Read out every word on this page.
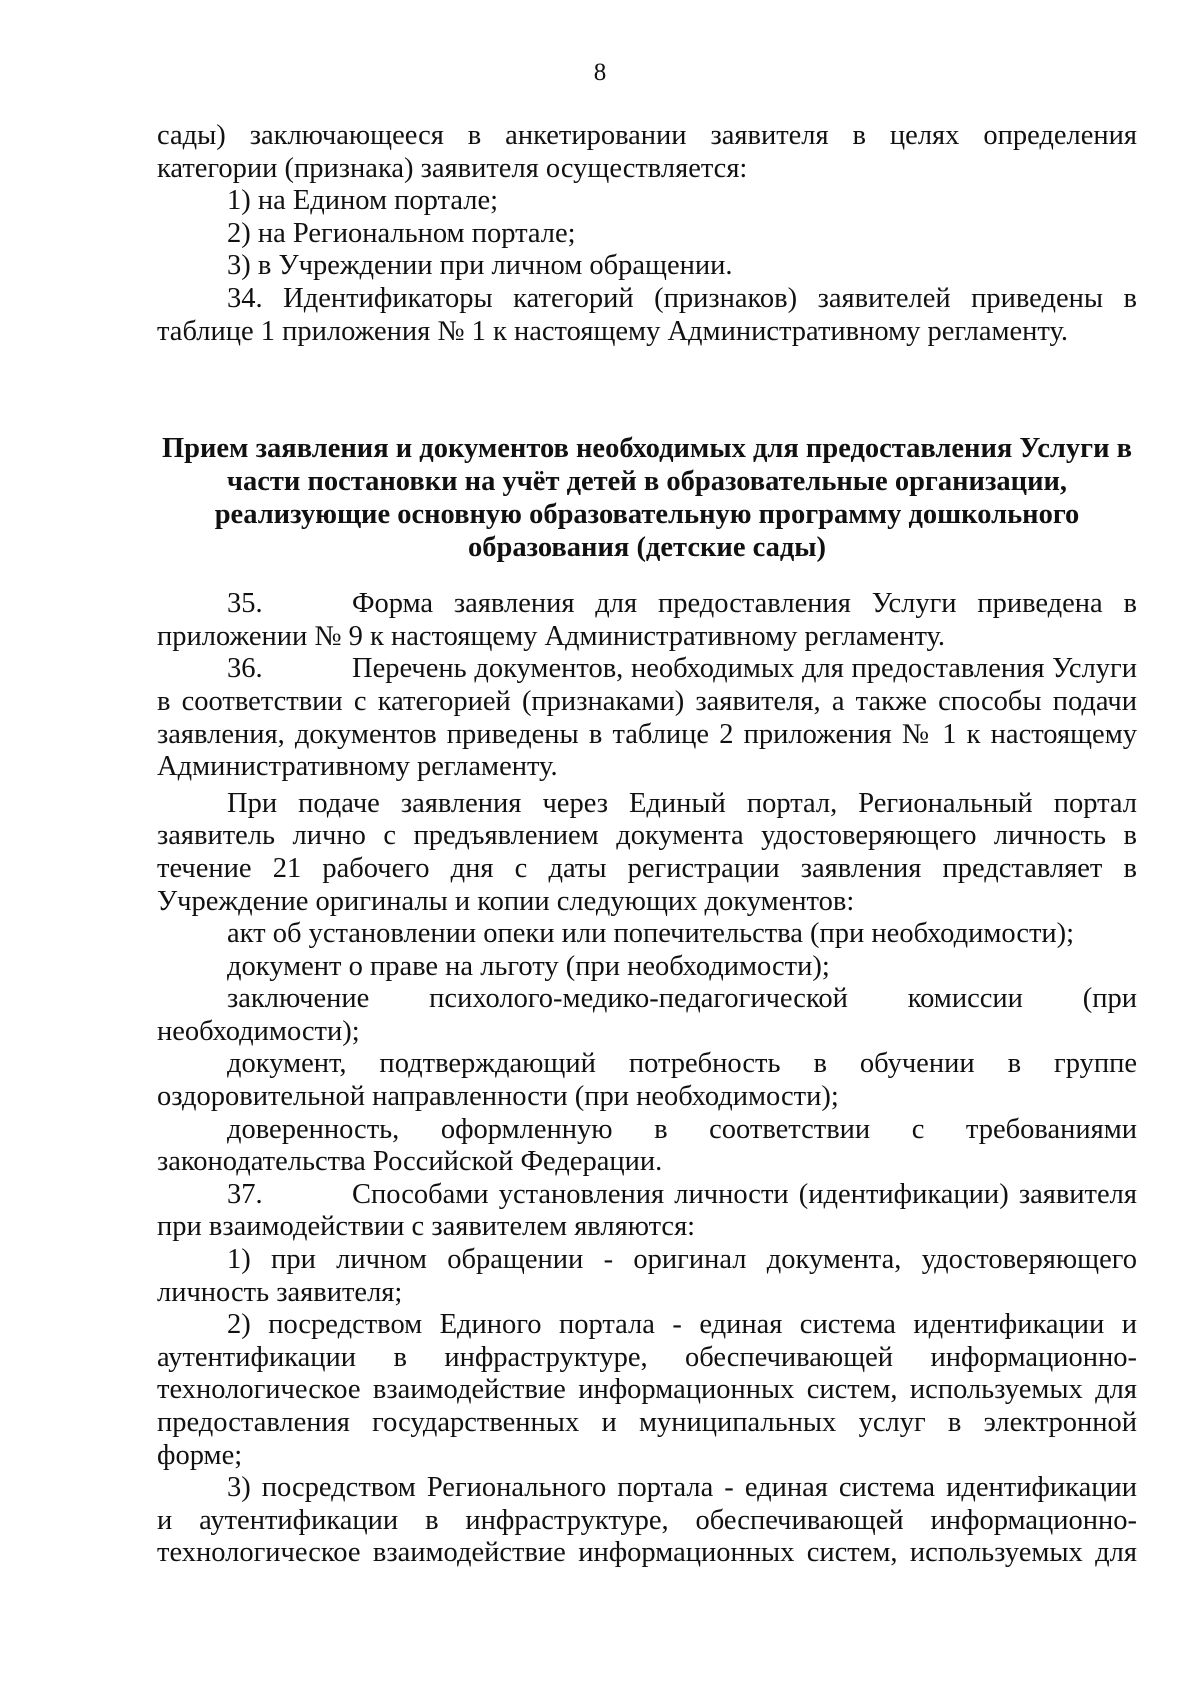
8

сады) заключающееся в анкетировании заявителя в целях определения

категории (признака) заявителя осуществляется:

1) на Едином портале;

2) на Региональном портале;

3) в Учреждении при личном обращении.

34. Идентификаторы категорий (признаков) заявителей приведены в

таблице 1 приложения № 1 к настоящему Административному регламенту.

Прием заявления и документов необходимых для предоставления Услуги в
части постановки на учёт детей в образовательные организации,
реализующие основную образовательную программу дошкольного
образования (детские сады)

35.	Форма заявления для предоставления Услуги приведена в

приложении № 9 к настоящему Административному регламенту.

36.	Перечень документов, необходимых для предоставления Услуги

в соответствии с категорией (признаками) заявителя, а также способы подачи

заявления, документов приведены в таблице 2 приложения № 1 к настоящему

Административному регламенту.

При подаче заявления через Единый портал, Региональный портал

заявитель лично с предъявлением документа удостоверяющего личность в

течение 21 рабочего дня с даты регистрации заявления представляет в

Учреждение оригиналы и копии следующих документов:

акт об установлении опеки или попечительства (при необходимости);

документ о праве на льготу (при необходимости);

заключение психолого-медико-педагогической комиссии (при

необходимости);

документ, подтверждающий потребность в обучении в группе

оздоровительной направленности (при необходимости);

доверенность, оформленную в соответствии с требованиями

законодательства Российской Федерации.

37.	Способами установления личности (идентификации) заявителя

при взаимодействии с заявителем являются:

1) при личном обращении - оригинал документа, удостоверяющего

личность заявителя;

2) посредством Единого портала - единая система идентификации и

аутентификации в инфраструктуре, обеспечивающей информационно-

технологическое взаимодействие информационных систем, используемых для

предоставления государственных и муниципальных услуг в электронной

форме;

3) посредством Регионального портала - единая система идентификации

и аутентификации в инфраструктуре, обеспечивающей информационно-

технологическое взаимодействие информационных систем, используемых для
